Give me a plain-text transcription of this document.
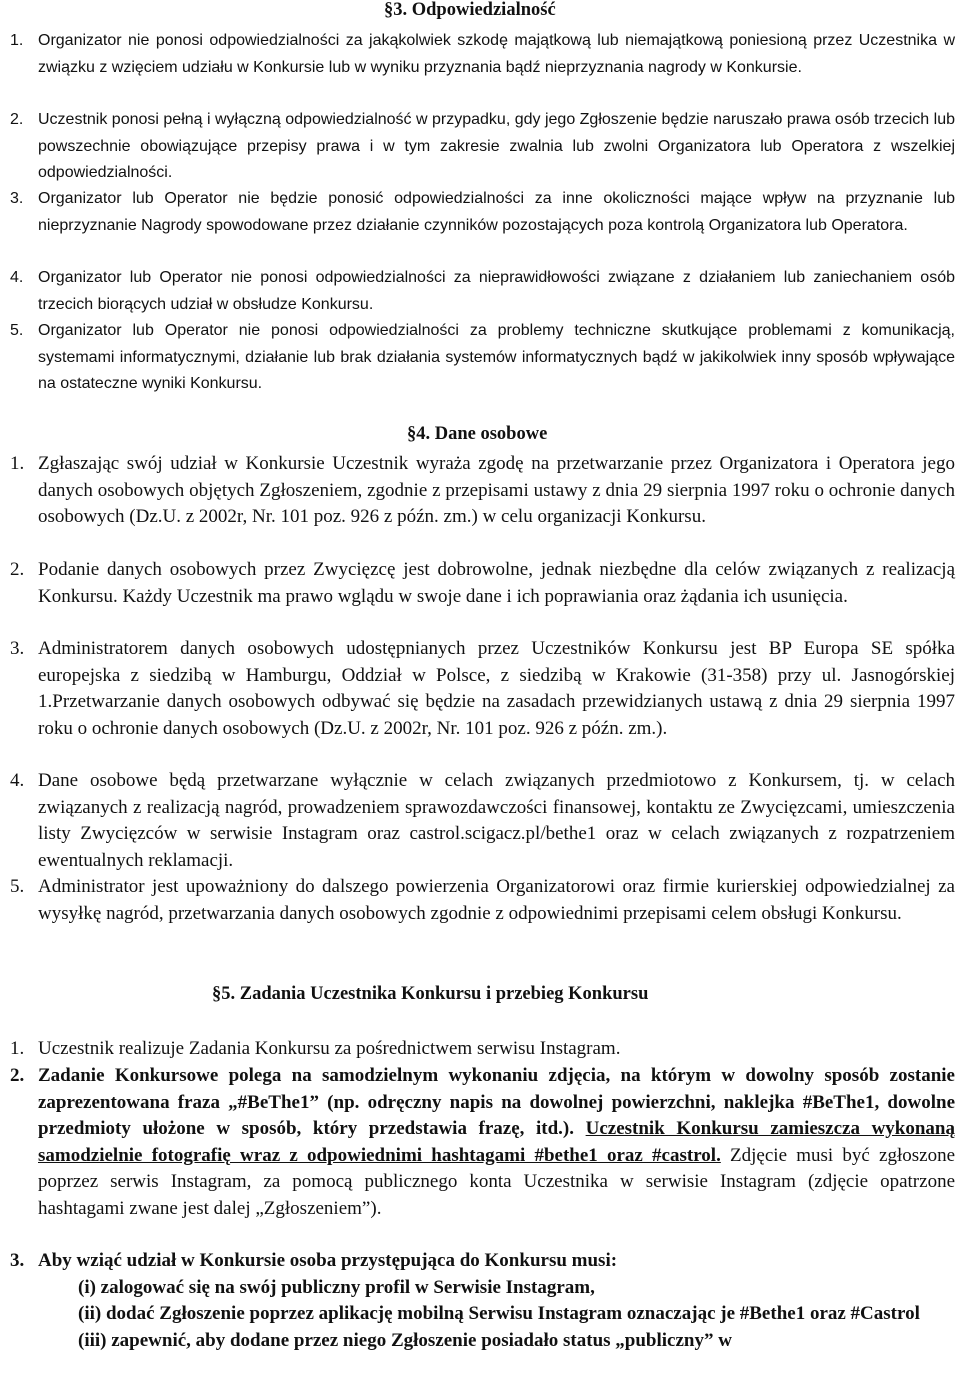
§3. Odpowiedzialność
1. Organizator nie ponosi odpowiedzialności za jakąkolwiek szkodę majątkową lub niemajątkową poniesioną przez Uczestnika w związku z wzięciem udziału w Konkursie lub w wyniku przyznania bądź nieprzyznania nagrody w Konkursie.
2. Uczestnik ponosi pełną i wyłączną odpowiedzialność w przypadku, gdy jego Zgłoszenie będzie naruszało prawa osób trzecich lub powszechnie obowiązujące przepisy prawa i w tym zakresie zwalnia lub zwolni Organizatora lub Operatora z wszelkiej odpowiedzialności.
3. Organizator lub Operator nie będzie ponosić odpowiedzialności za inne okoliczności mające wpływ na przyznanie lub nieprzyznanie Nagrody spowodowane przez działanie czynników pozostających poza kontrolą Organizatora lub Operatora.
4. Organizator lub Operator nie ponosi odpowiedzialności za nieprawidłowości związane z działaniem lub zaniechaniem osób trzecich biorących udział w obsłudze Konkursu.
5. Organizator lub Operator nie ponosi odpowiedzialności za problemy techniczne skutkujące problemami z komunikacją, systemami informatycznymi, działanie lub brak działania systemów informatycznych bądź w jakikolwiek inny sposób wpływające na ostateczne wyniki Konkursu.
§4. Dane osobowe
1. Zgłaszając swój udział w Konkursie Uczestnik wyraża zgodę na przetwarzanie przez Organizatora i Operatora jego danych osobowych objętych Zgłoszeniem, zgodnie z przepisami ustawy z dnia 29 sierpnia 1997 roku o ochronie danych osobowych (Dz.U. z 2002r, Nr. 101 poz. 926 z późn. zm.) w celu organizacji Konkursu.
2. Podanie danych osobowych przez Zwycięzcę jest dobrowolne, jednak niezbędne dla celów związanych z realizacją Konkursu. Każdy Uczestnik ma prawo wglądu w swoje dane i ich poprawiania oraz żądania ich usunięcia.
3. Administratorem danych osobowych udostępnianych przez Uczestników Konkursu jest BP Europa SE spółka europejska z siedzibą w Hamburgu, Oddział w Polsce, z siedzibą w Krakowie (31-358) przy ul. Jasnogórskiej 1.Przetwarzanie danych osobowych odbywać się będzie na zasadach przewidzianych ustawą z dnia 29 sierpnia 1997 roku o ochronie danych osobowych (Dz.U. z 2002r, Nr. 101 poz. 926 z późn. zm.).
4. Dane osobowe będą przetwarzane wyłącznie w celach związanych przedmiotowo z Konkursem, tj. w celach związanych z realizacją nagród, prowadzeniem sprawozdawczości finansowej, kontaktu ze Zwycięzcami, umieszczenia listy Zwycięzców w serwisie Instagram oraz castrol.scigacz.pl/bethe1 oraz w celach związanych z rozpatrzeniem ewentualnych reklamacji.
5. Administrator jest upoważniony do dalszego powierzenia Organizatorowi oraz firmie kurierskiej odpowiedzialnej za wysyłkę nagród, przetwarzania danych osobowych zgodnie z odpowiednimi przepisami celem obsługi Konkursu.
§5. Zadania Uczestnika Konkursu i przebieg Konkursu
1. Uczestnik realizuje Zadania Konkursu za pośrednictwem serwisu Instagram.
2. Zadanie Konkursowe polega na samodzielnym wykonaniu zdjęcia, na którym w dowolny sposób zostanie zaprezentowana fraza „#BeThe1” (np. odręczny napis na dowolnej powierzchni, naklejka #BeThe1, dowolne przedmioty ułożone w sposób, który przedstawia frazę, itd.). Uczestnik Konkursu zamieszcza wykonaną samodzielnie fotografię wraz z odpowiednimi hashtagami #bethe1 oraz #castrol. Zdjęcie musi być zgłoszone poprzez serwis Instagram, za pomocą publicznego konta Uczestnika w serwisie Instagram (zdjęcie opatrzone hashtagami zwane jest dalej „Zgłoszeniem”).
3. Aby wziąć udział w Konkursie osoba przystępująca do Konkursu musi:
(i) zalogować się na swój publiczny profil w Serwisie Instagram,
(ii) dodać Zgłoszenie poprzez aplikację mobilną Serwisu Instagram oznaczając je #Bethe1 oraz #Castrol
(iii) zapewnić, aby dodane przez niego Zgłoszenie posiadało status „publiczny” w
